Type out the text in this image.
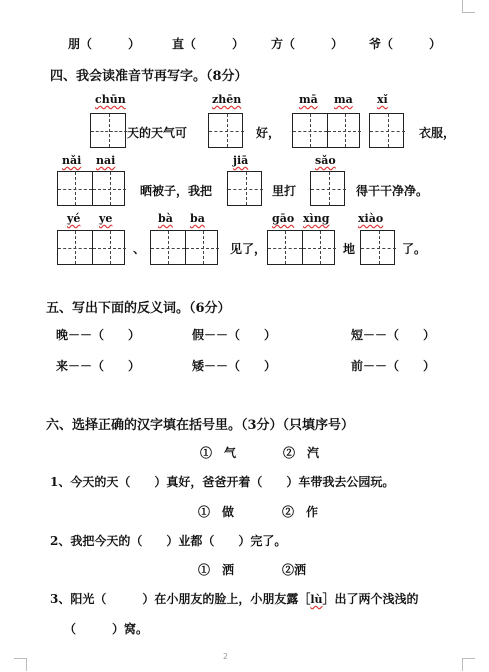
朋（　　　）	直（　　　） 方（　　　） 爷（　　　）
四、我会读准音节再写字。（8分）
chūn	zhēn	mā ma xǐ
天的天气可	好，	衣服，
nǎi nai	jiā	sǎo
晒被子，我把	里打	得干干净净。
yé ye	bà ba	gāo xìng	xiào
、	见了，	地	了。
五、写出下面的反义词。（6分）
晚－－（　　）	假－－（　　）	短－－（　　）
来－－（　　）	矮－－（　　）	前－－（　　）
六、选择正确的汉字填在括号里。（3分）（只填序号）
①　气	②　汽
1、今天的天（　　）真好，爸爸开着（　　）车带我去公园玩。
①　做	②　作
2、我把今天的（　　）业都（　　）完了。
①　洒	②洒
3、阳光（　　　）在小朋友的脸上，小朋友露［lù］出了两个浅浅的
（　　　）窝。
2
